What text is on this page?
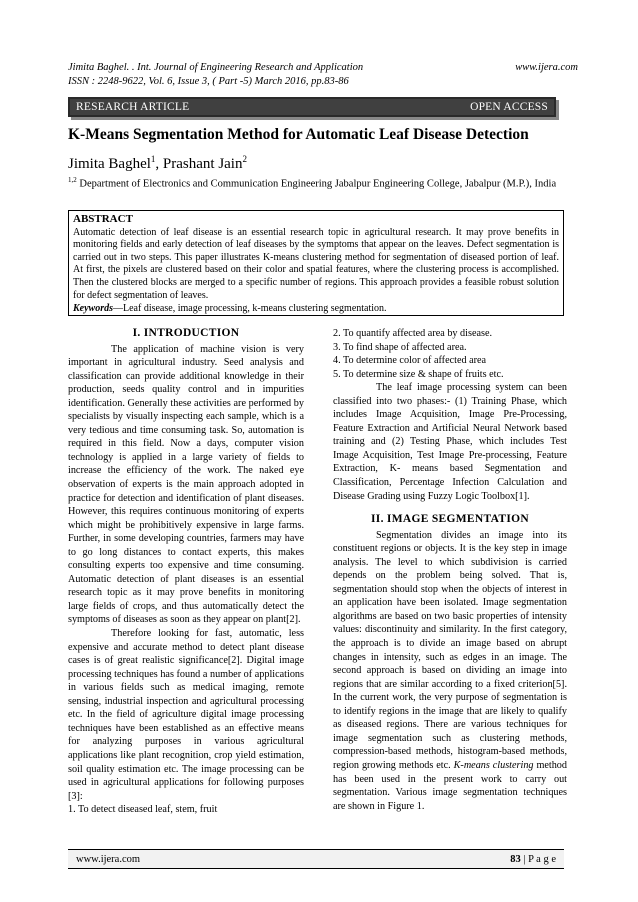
Jimita Baghel. . Int. Journal of Engineering Research and Application	www.ijera.com
ISSN : 2248-9622, Vol. 6, Issue 3, ( Part -5) March 2016, pp.83-86
RESEARCH ARTICLE	OPEN ACCESS
K-Means Segmentation Method for Automatic Leaf Disease Detection
Jimita Baghel$^1$, Prashant Jain$^2$
$^{1,2}$ Department of Electronics and Communication Engineering Jabalpur Engineering College, Jabalpur (M.P.), India
ABSTRACT

Automatic detection of leaf disease is an essential research topic in agricultural research. It may prove benefits in monitoring fields and early detection of leaf diseases by the symptoms that appear on the leaves. Defect segmentation is carried out in two steps. This paper illustrates K-means clustering method for segmentation of diseased portion of leaf. At first, the pixels are clustered based on their color and spatial features, where the clustering process is accomplished. Then the clustered blocks are merged to a specific number of regions. This approach provides a feasible robust solution for defect segmentation of leaves.

Keywords—Leaf disease, image processing, k-means clustering segmentation.

I. INTRODUCTION

The application of machine vision is very important in agricultural industry. Seed analysis and classification can provide additional knowledge in their production, seeds quality control and in impurities identification. Generally these activities are performed by specialists by visually inspecting each sample, which is a very tedious and time consuming task. So, automation is required in this field. Now a days, computer vision technology is applied in a large variety of fields to increase the efficiency of the work. The naked eye observation of experts is the main approach adopted in practice for detection and identification of plant diseases. However, this requires continuous monitoring of experts which might be prohibitively expensive in large farms. Further, in some developing countries, farmers may have to go long distances to contact experts, this makes consulting experts too expensive and time consuming. Automatic detection of plant diseases is an essential research topic as it may prove benefits in monitoring large fields of crops, and thus automatically detect the symptoms of diseases as soon as they appear on plant[2].

Therefore looking for fast, automatic, less expensive and accurate method to detect plant disease cases is of great realistic significance[2]. Digital image processing techniques has found a number of applications in various fields such as medical imaging, remote sensing, industrial inspection and agricultural processing etc. In the field of agriculture digital image processing techniques have been established as an effective means for analyzing purposes in various agricultural applications like plant recognition, crop yield estimation, soil quality estimation etc. The image processing can be used in agricultural applications for following purposes [3]:

1. To detect diseased leaf, stem, fruit

2. To quantify affected area by disease.

3. To find shape of affected area.

4. To determine color of affected area

5. To determine size & shape of fruits etc.

The leaf image processing system can been classified into two phases:- (1) Training Phase, which includes Image Acquisition, Image Pre-Processing, Feature Extraction and Artificial Neural Network based training and (2) Testing Phase, which includes Test Image Acquisition, Test Image Pre-processing, Feature Extraction, K- means based Segmentation and Classification, Percentage Infection Calculation and Disease Grading using Fuzzy Logic Toolbox[1].

II. IMAGE SEGMENTATION

Segmentation divides an image into its constituent regions or objects. It is the key step in image analysis. The level to which subdivision is carried depends on the problem being solved. That is, segmentation should stop when the objects of interest in an application have been isolated. Image segmentation algorithms are based on two basic properties of intensity values: discontinuity and similarity. In the first category, the approach is to divide an image based on abrupt changes in intensity, such as edges in an image. The second approach is based on dividing an image into regions that are similar according to a fixed criterion[5]. In the current work, the very purpose of segmentation is to identify regions in the image that are likely to qualify as diseased regions. There are various techniques for image segmentation such as clustering methods, compression-based methods, histogram-based methods, region growing methods etc. K-means clustering method has been used in the present work to carry out segmentation. Various image segmentation techniques are shown in Figure 1.

www.ijera.com	83 | P a g e
